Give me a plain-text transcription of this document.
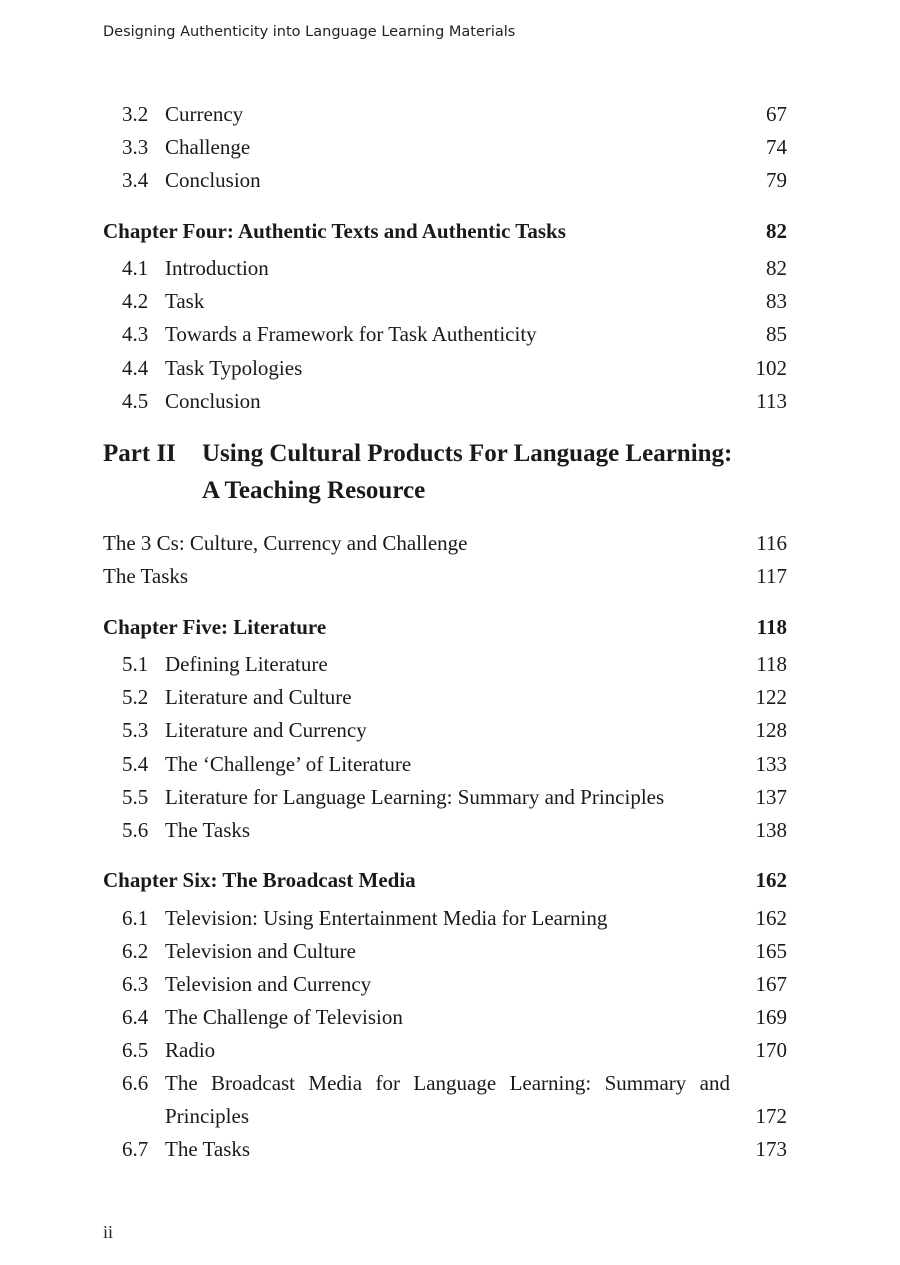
Designing Authenticity into Language Learning Materials
3.2 Currency	67
3.3 Challenge	74
3.4 Conclusion	79
Chapter Four: Authentic Texts and Authentic Tasks	82
4.1 Introduction	82
4.2 Task	83
4.3 Towards a Framework for Task Authenticity	85
4.4 Task Typologies	102
4.5 Conclusion	113
Part II Using Cultural Products For Language Learning:
A Teaching Resource
The 3 Cs: Culture, Currency and Challenge	116
The Tasks	117
Chapter Five: Literature	118
5.1 Defining Literature	118
5.2 Literature and Culture	122
5.3 Literature and Currency	128
5.4 The ‘Challenge’ of Literature	133
5.5 Literature for Language Learning: Summary and Principles	137
5.6 The Tasks	138
Chapter Six: The Broadcast Media	162
6.1 Television: Using Entertainment Media for Learning	162
6.2 Television and Culture	165
6.3 Television and Currency	167
6.4 The Challenge of Television	169
6.5 Radio	170
6.6 The Broadcast Media for Language Learning: Summary and
Principles	172
6.7 The Tasks	173
ii
